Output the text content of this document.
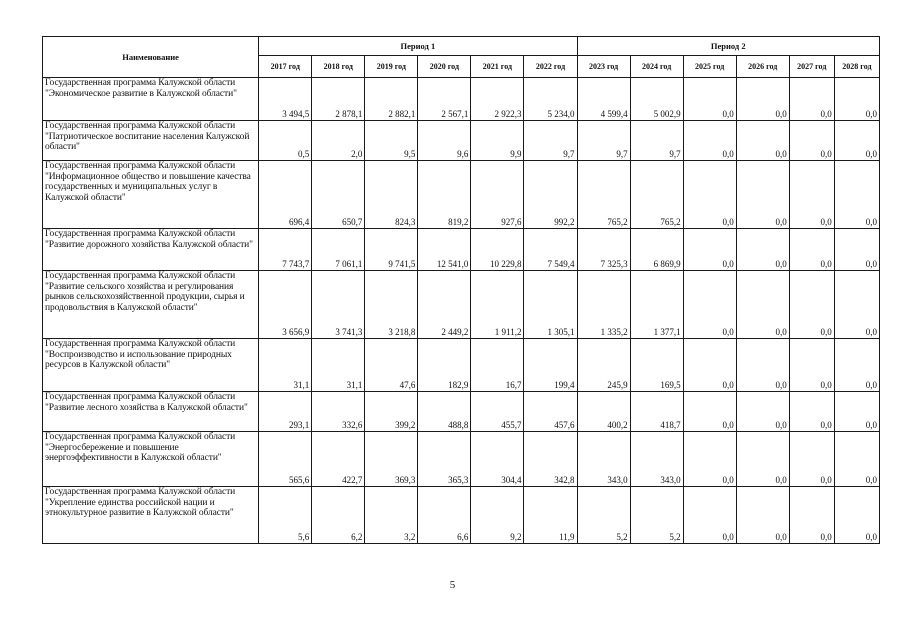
Наименование	Период 1						Период 2					
	2017 год	2018 год	2019 год	2020 год	2021 год	2022 год	2023 год	2024 год	2025 год	2026 год	2027 год	2028 год
Государственная программа Калужской области "Экономическое развитие в Калужской области"	3 494,5	2 878,1	2 882,1	2 567,1	2 922,3	5 234,0	4 599,4	5 002,9	0,0	0,0	0,0	0,0
Государственная программа Калужской области "Патриотическое воспитание населения Калужской области"	0,5	2,0	9,5	9,6	9,9	9,7	9,7	9,7	0,0	0,0	0,0	0,0
Государственная программа Калужской области "Информационное общество и повышение качества государственных и муниципальных услуг в Калужской области"	696,4	650,7	824,3	819,2	927,6	992,2	765,2	765,2	0,0	0,0	0,0	0,0
Государственная программа Калужской области "Развитие дорожного хозяйства Калужской области"	7 743,7	7 061,1	9 741,5	12 541,0	10 229,8	7 549,4	7 325,3	6 869,9	0,0	0,0	0,0	0,0
Государственная программа Калужской области "Развитие сельского хозяйства и регулирования рынков сельскохозяйственной продукции, сырья и продовольствия в Калужской области"	3 656,9	3 741,3	3 218,8	2 449,2	1 911,2	1 305,1	1 335,2	1 377,1	0,0	0,0	0,0	0,0
Государственная программа Калужской области "Воспроизводство и использование природных ресурсов в Калужской области"	31,1	31,1	47,6	182,9	16,7	199,4	245,9	169,5	0,0	0,0	0,0	0,0
Государственная программа Калужской области "Развитие лесного хозяйства в Калужской области"	293,1	332,6	399,2	488,8	455,7	457,6	400,2	418,7	0,0	0,0	0,0	0,0
Государственная программа Калужской области "Энергосбережение и повышение энергоэффективности в Калужской области"	565,6	422,7	369,3	365,3	304,4	342,8	343,0	343,0	0,0	0,0	0,0	0,0
Государственная программа Калужской области "Укрепление единства российской нации и этнокультурное развитие в Калужской области"	5,6	6,2	3,2	6,6	9,2	11,9	5,2	5,2	0,0	0,0	0,0	0,0
5
